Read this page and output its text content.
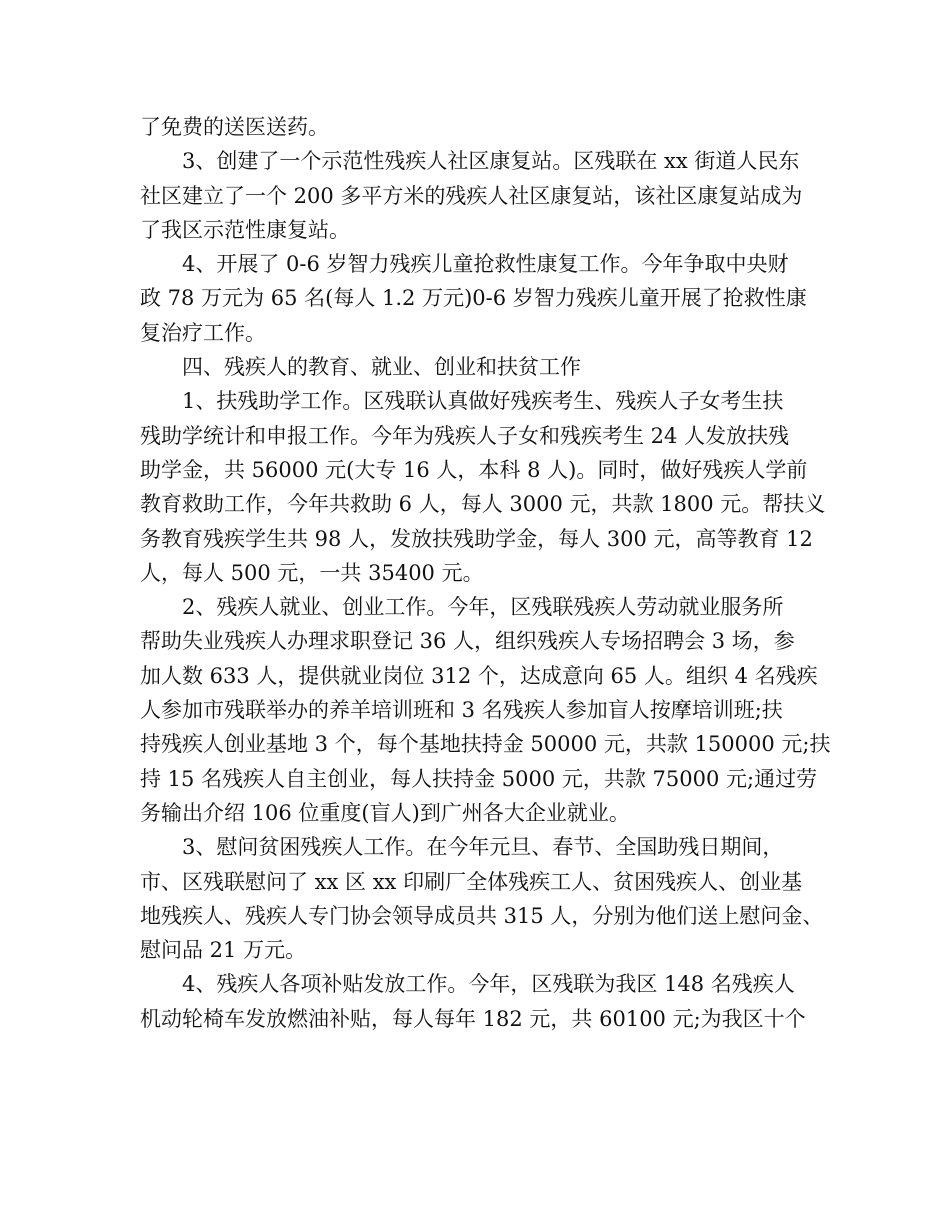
了免费的送医送药。
3、创建了一个示范性残疾人社区康复站。区残联在 xx 街道人民东
社区建立了一个 200 多平方米的残疾人社区康复站，该社区康复站成为
了我区示范性康复站。
4、开展了 0-6 岁智力残疾儿童抢救性康复工作。今年争取中央财
政 78 万元为 65 名(每人 1.2 万元)0-6 岁智力残疾儿童开展了抢救性康
复治疗工作。
四、残疾人的教育、就业、创业和扶贫工作
1、扶残助学工作。区残联认真做好残疾考生、残疾人子女考生扶
残助学统计和申报工作。今年为残疾人子女和残疾考生 24 人发放扶残
助学金，共 56000 元(大专 16 人，本科 8 人)。同时，做好残疾人学前
教育救助工作，今年共救助 6 人，每人 3000 元，共款 1800 元。帮扶义
务教育残疾学生共 98 人，发放扶残助学金，每人 300 元，高等教育 12
人，每人 500 元，一共 35400 元。
2、残疾人就业、创业工作。今年，区残联残疾人劳动就业服务所
帮助失业残疾人办理求职登记 36 人，组织残疾人专场招聘会 3 场，参
加人数 633 人，提供就业岗位 312 个，达成意向 65 人。组织 4 名残疾
人参加市残联举办的养羊培训班和 3 名残疾人参加盲人按摩培训班;扶
持残疾人创业基地 3 个，每个基地扶持金 50000 元，共款 150000 元;扶
持 15 名残疾人自主创业，每人扶持金 5000 元，共款 75000 元;通过劳
务输出介绍 106 位重度(盲人)到广州各大企业就业。
3、慰问贫困残疾人工作。在今年元旦、春节、全国助残日期间，
市、区残联慰问了 xx 区 xx 印刷厂全体残疾工人、贫困残疾人、创业基
地残疾人、残疾人专门协会领导成员共 315 人，分别为他们送上慰问金、
慰问品 21 万元。
4、残疾人各项补贴发放工作。今年，区残联为我区 148 名残疾人
机动轮椅车发放燃油补贴，每人每年 182 元，共 60100 元;为我区十个
